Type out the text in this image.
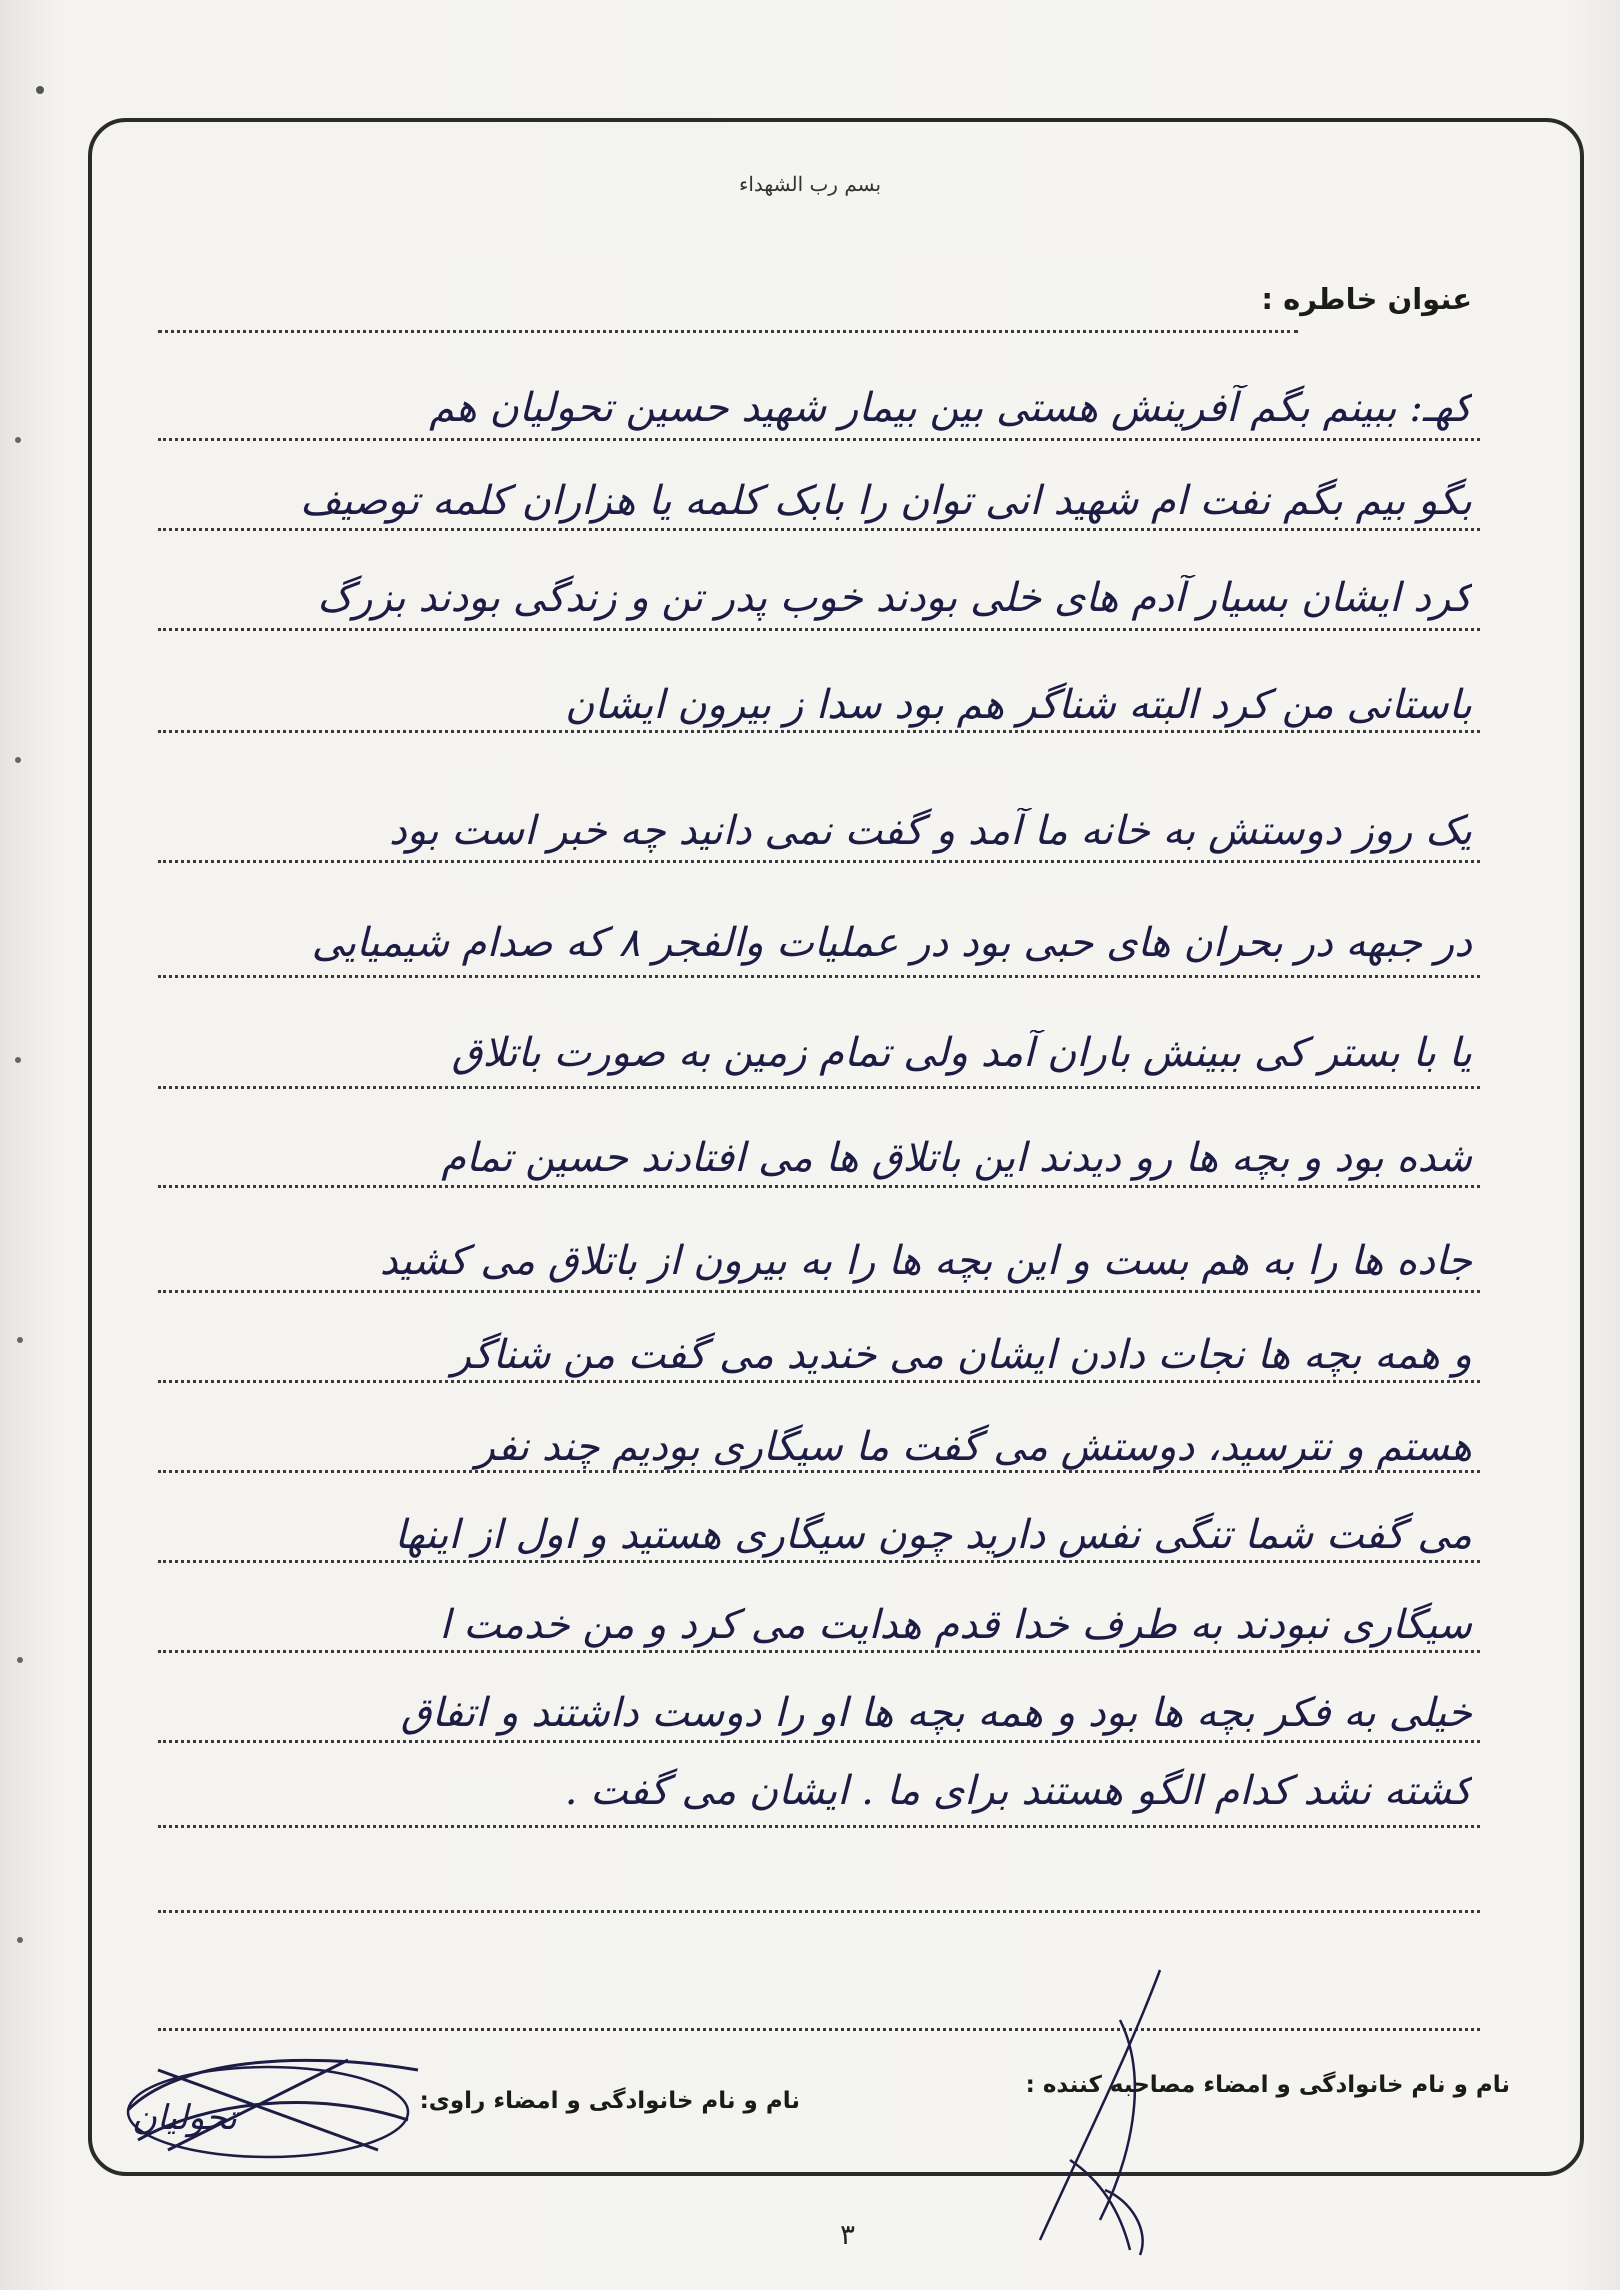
بسم رب الشهداء
عنوان خاطره :
کهـ: ببینم بگم آفرینش هستی بین بیمار شهید حسین تحولیان هم
بگو بیم بگم نفت ام شهید انی توان را بابک کلمه یا هزاران کلمه توصیف
کرد ایشان بسیار آدم های خلی بودند خوب پدر تن و زندگی بودند بزرگ
باستانی من کرد البته شناگر هم بود سدا ز بیرون ایشان
یک روز دوستش به خانه ما آمد و گفت نمی دانید چه خبر است بود
در جبهه در بحران های حبی بود در عملیات والفجر ۸ که صدام شیمیایی
یا با بستر کی ببینش باران آمد ولی تمام زمین به صورت باتلاق
شده بود و بچه ها رو دیدند این باتلاق ها می افتادند حسین تمام
جاده ها را به هم بست و این بچه ها را به بیرون از باتلاق می کشید
و همه بچه ها نجات دادن ایشان می خندید می گفت من شناگر
هستم و نترسید، دوستش می گفت ما سیگاری بودیم چند نفر
می گفت شما تنگی نفس دارید چون سیگاری هستید و اول از اینها
سیگاری نبودند به طرف خدا قدم هدایت می کرد و من خدمت ا
خیلی به فکر بچه ها بود و همه بچه ها او را دوست داشتند و اتفاق
کشته نشد کدام الگو هستند برای ما . ایشان می گفت .
نام و نام خانوادگی و امضاء مصاحبه کننده :
نام و نام خانوادگی و امضاء راوی:
تحولیان
٣
